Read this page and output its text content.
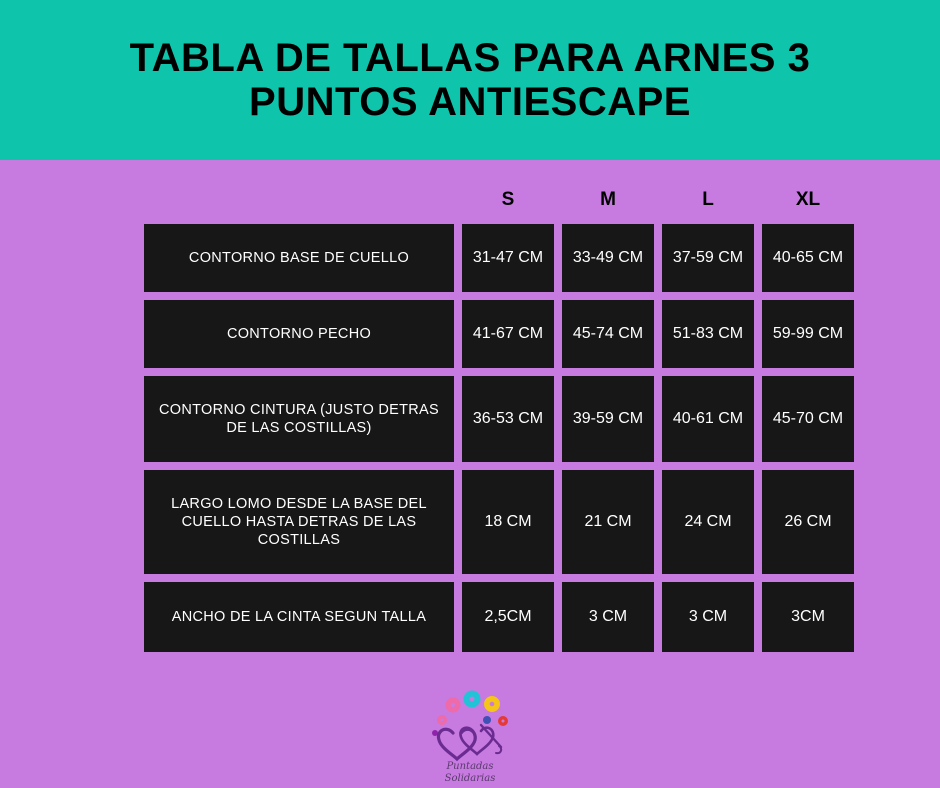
TABLA DE TALLAS PARA ARNES 3 PUNTOS ANTIESCAPE
	S	M	L	XL
CONTORNO BASE DE CUELLO	31-47 CM	33-49 CM	37-59 CM	40-65 CM
CONTORNO PECHO	41-67 CM	45-74 CM	51-83 CM	59-99 CM
CONTORNO CINTURA (JUSTO DETRAS DE LAS COSTILLAS)	36-53 CM	39-59 CM	40-61 CM	45-70 CM
LARGO LOMO DESDE LA BASE DEL CUELLO HASTA DETRAS DE LAS COSTILLAS	18 CM	21 CM	24 CM	26 CM
ANCHO DE LA CINTA SEGUN TALLA	2,5CM	3 CM	3 CM	3CM
Puntadas
Solidarias
